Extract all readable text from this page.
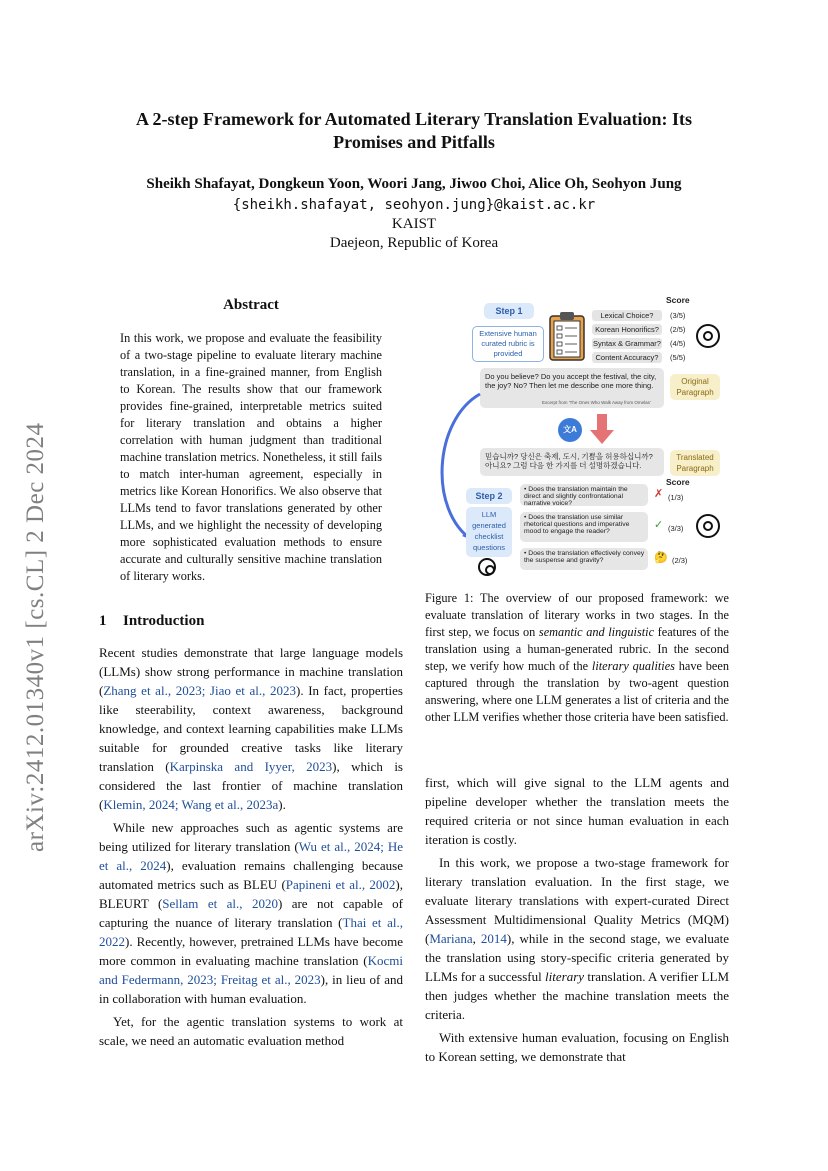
A 2-step Framework for Automated Literary Translation Evaluation: Its
Promises and Pitfalls
Sheikh Shafayat, Dongkeun Yoon, Woori Jang, Jiwoo Choi, Alice Oh, Seohyon Jung
{sheikh.shafayat, seohyon.jung}@kaist.ac.kr
KAIST
Daejeon, Republic of Korea
arXiv:2412.01340v1 [cs.CL] 2 Dec 2024
Abstract
In this work, we propose and evaluate the feasibility of a two-stage pipeline to evaluate literary machine translation, in a fine-grained manner, from English to Korean. The results show that our framework provides fine-grained, interpretable metrics suited for literary translation and obtains a higher correlation with human judgment than traditional machine translation metrics. Nonetheless, it still fails to match inter-human agreement, especially in metrics like Korean Honorifics. We also observe that LLMs tend to favor translations generated by other LLMs, and we highlight the necessity of developing more sophisticated evaluation methods to ensure accurate and culturally sensitive machine translation of literary works.
1 Introduction

Recent studies demonstrate that large language models (LLMs) show strong performance in machine translation (Zhang et al., 2023; Jiao et al., 2023). In fact, properties like steerability, context awareness, background knowledge, and context learning capabilities make LLMs suitable for grounded creative tasks like literary translation (Karpinska and Iyyer, 2023), which is considered the last frontier of machine translation (Klemin, 2024; Wang et al., 2023a).

While new approaches such as agentic systems are being utilized for literary translation (Wu et al., 2024; He et al., 2024), evaluation remains challenging because automated metrics such as BLEU (Papineni et al., 2002), BLEURT (Sellam et al., 2020) are not capable of capturing the nuance of literary translation (Thai et al., 2022). Recently, however, pretrained LLMs have become more common in evaluating machine translation (Kocmi and Federmann, 2023; Freitag et al., 2023), in lieu of and in collaboration with human evaluation.

Yet, for the agentic translation systems to work at scale, we need an automatic evaluation method

Score
Step 1
Extensive human curated rubric is provided
Lexical Choice?	(3/5)
Korean Honorifics?	(2/5)
Syntax & Grammar? (4/5)
Content Accuracy?	(5/5)
Do you believe? Do you accept the festival, the city, the joy? No? Then let me describe one more thing.
Excerpt from 'The Ones Who Walk Away from Omelas'
Original Paragraph
文A
믿습니까? 당신은 축제, 도시, 기쁨을 허용하십니까? 아니요? 그럼 다음 한 가지를 더 설명하겠습니다.
Translated Paragraph
Score
Step 2
LLM generated checklist questions
• Does the translation maintain the direct and slightly confrontational narrative voice?
✗ (1/3)
• Does the translation use similar rhetorical questions and imperative mood to engage the reader?
✓ (3/3)
• Does the translation effectively convey the suspense and gravity?	🤔 (2/3)
Figure 1: The overview of our proposed framework: we evaluate translation of literary works in two stages. In the first step, we focus on semantic and linguistic features of the translation using a human-generated rubric. In the second step, we verify how much of the literary qualities have been captured through the translation by two-agent question answering, where one LLM generates a list of criteria and the other LLM verifies whether those criteria have been satisfied.

first, which will give signal to the LLM agents and pipeline developer whether the translation meets the required criteria or not since human evaluation in each iteration is costly.

In this work, we propose a two-stage framework for literary translation evaluation. In the first stage, we evaluate literary translations with expert-curated Direct Assessment Multidimensional Quality Metrics (MQM) (Mariana, 2014), while in the second stage, we evaluate the translation using story-specific criteria generated by LLMs for a successful literary translation. A verifier LLM then judges whether the machine translation meets the criteria.

With extensive human evaluation, focusing on English to Korean setting, we demonstrate that
